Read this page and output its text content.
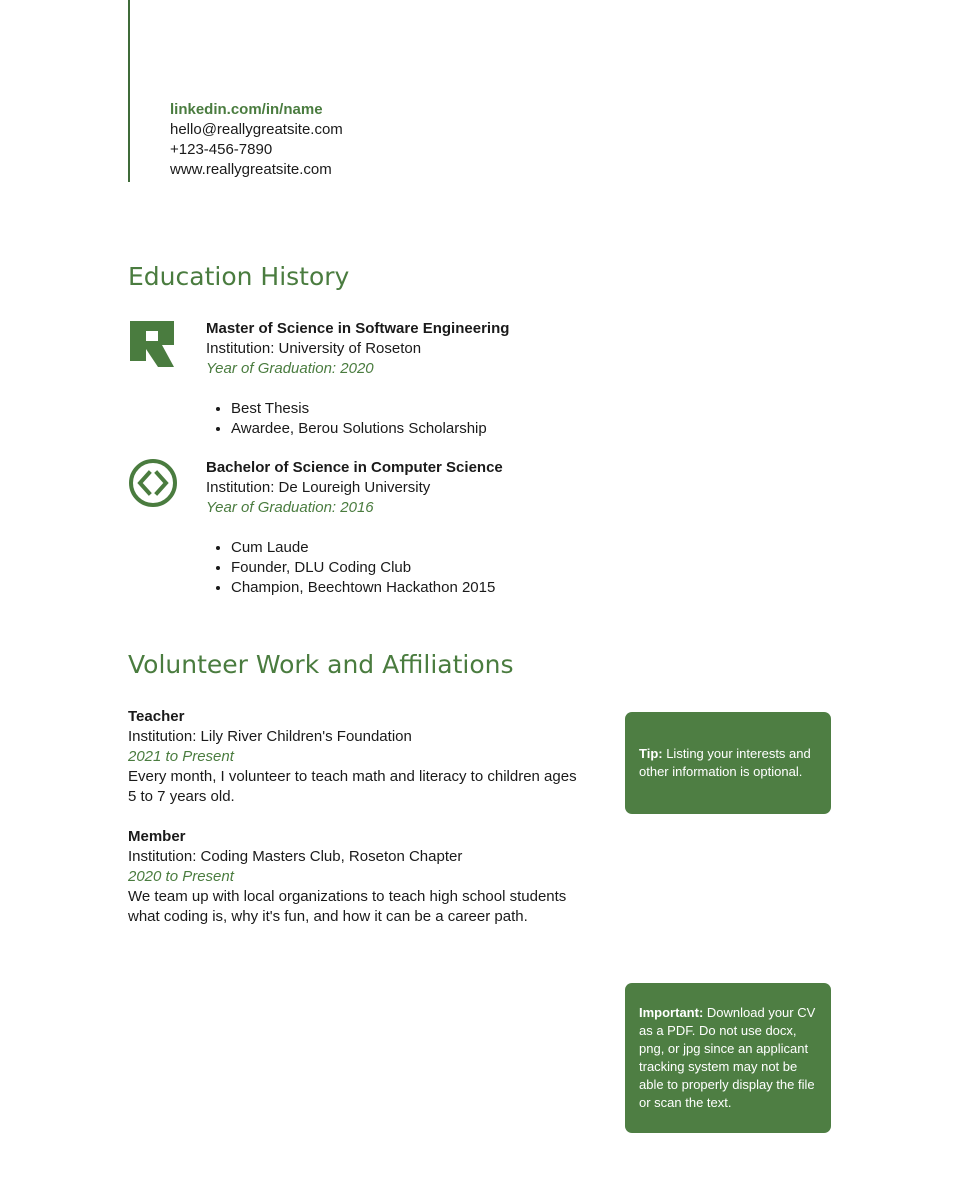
linkedin.com/in/name
hello@reallygreatsite.com
+123-456-7890
www.reallygreatsite.com
Education History
Master of Science in Software Engineering
Institution: University of Roseton
Year of Graduation: 2020
• Best Thesis
• Awardee, Berou Solutions Scholarship
Bachelor of Science in Computer Science
Institution: De Loureigh University
Year of Graduation: 2016
• Cum Laude
• Founder, DLU Coding Club
• Champion, Beechtown Hackathon 2015
Volunteer Work and Affiliations
Teacher
Institution: Lily River Children's Foundation
2021 to Present
Every month, I volunteer to teach math and literacy to children ages 5 to 7 years old.
Member
Institution: Coding Masters Club, Roseton Chapter
2020 to Present
We team up with local organizations to teach high school students what coding is, why it's fun, and how it can be a career path.
Tip: Listing your interests and other information is optional.
Important: Download your CV as a PDF. Do not use docx, png, or jpg since an applicant tracking system may not be able to properly display the file or scan the text.
